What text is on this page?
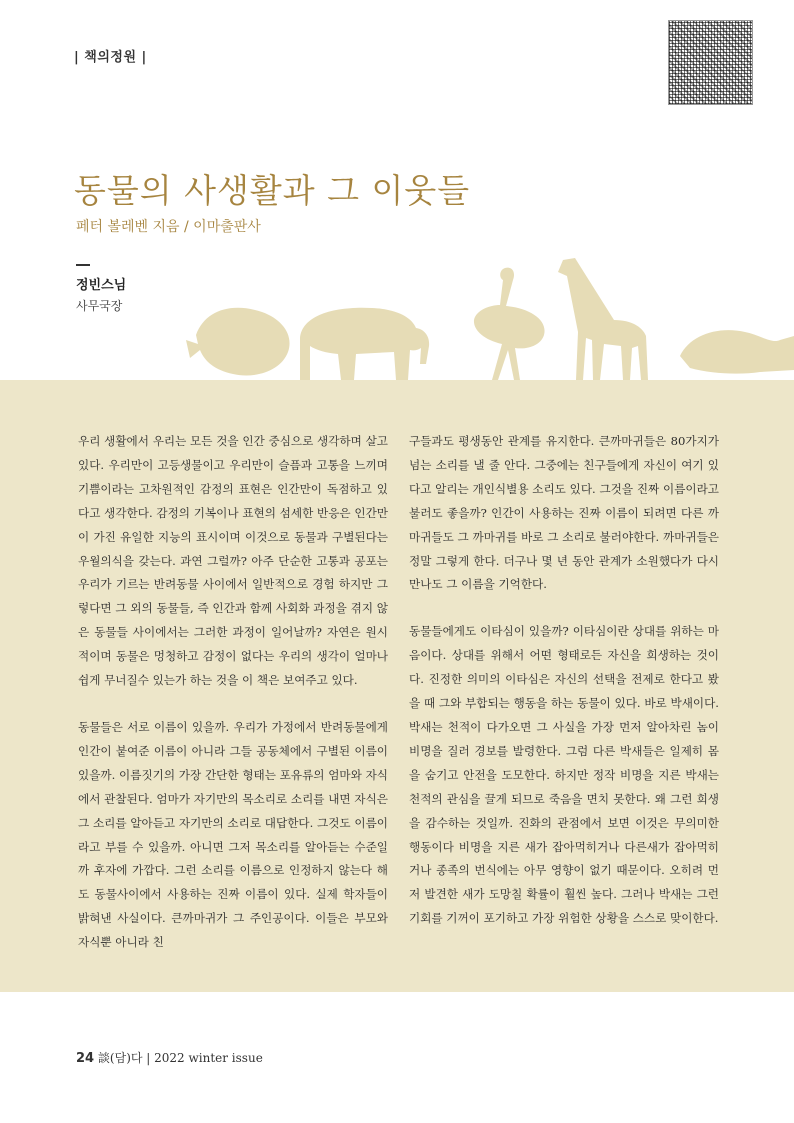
| 책의정원 |
동물의 사생활과 그 이웃들
페터 볼레벤 지음 / 이마출판사
정빈스님
사무국장

우리 생활에서 우리는 모든 것을 인간 중심으로 생각하며 살고 있다. 우리만이 고등생물이고 우리만이 슬픔과 고통을 느끼며 기쁨이라는 고차원적인 감정의 표현은 인간만이 독점하고 있다고 생각한다. 감정의 기복이나 표현의 섬세한 반응은 인간만이 가진 유일한 지능의 표시이며 이것으로 동물과 구별된다는 우월의식을 갖는다. 과연 그럴까? 아주 단순한 고통과 공포는 우리가 기르는 반려동물 사이에서 일반적으로 경험 하지만 그렇다면 그 외의 동물들, 즉 인간과 함께 사회화 과정을 겪지 않은 동물들 사이에서는 그러한 과정이 일어날까? 자연은 원시적이며 동물은 멍청하고 감정이 없다는 우리의 생각이 얼마나 쉽게 무너질수 있는가 하는 것을 이 책은 보여주고 있다.

동물들은 서로 이름이 있을까. 우리가 가정에서 반려동물에게 인간이 붙여준 이름이 아니라 그들 공동체에서 구별된 이름이 있을까. 이름짓기의 가장 간단한 형태는 포유류의 엄마와 자식에서 관찰된다. 엄마가 자기만의 목소리로 소리를 내면 자식은 그 소리를 알아듣고 자기만의 소리로 대답한다. 그것도 이름이라고 부를 수 있을까. 아니면 그저 목소리를 알아듣는 수준일까 후자에 가깝다. 그런 소리를 이름으로 인정하지 않는다 해도 동물사이에서 사용하는 진짜 이름이 있다. 실제 학자들이 밝혀낸 사실이다. 큰까마귀가 그 주인공이다. 이들은 부모와 자식뿐 아니라 친

구들과도 평생동안 관계를 유지한다. 큰까마귀들은 80가지가 넘는 소리를 낼 줄 안다. 그중에는 친구들에게 자신이 여기 있다고 알리는 개인식별용 소리도 있다. 그것을 진짜 이름이라고 불러도 좋을까? 인간이 사용하는 진짜 이름이 되려면 다른 까마귀들도 그 까마귀를 바로 그 소리로 불러야한다. 까마귀들은 정말 그렇게 한다. 더구나 몇 년 동안 관계가 소원했다가 다시 만나도 그 이름을 기억한다.

동물들에게도 이타심이 있을까? 이타심이란 상대를 위하는 마음이다. 상대를 위해서 어떤 형태로든 자신을 희생하는 것이다. 진정한 의미의 이타심은 자신의 선택을 전제로 한다고 봤을 때 그와 부합되는 행동을 하는 동물이 있다. 바로 박새이다.박새는 천적이 다가오면 그 사실을 가장 먼저 알아차린 놈이 비명을 질러 경보를 발령한다. 그럼 다른 박새들은 일제히 몸을 숨기고 안전을 도모한다. 하지만 정작 비명을 지른 박새는 천적의 관심을 끌게 되므로 죽음을 면치 못한다. 왜 그런 희생을 감수하는 것일까. 진화의 관점에서 보면 이것은 무의미한 행동이다 비명을 지른 새가 잡아먹히거나 다른새가 잡아먹히거나 종족의 번식에는 아무 영향이 없기 때문이다. 오히려 먼저 발견한 새가 도망칠 확률이 훨씬 높다. 그러나 박새는 그런 기회를 기꺼이 포기하고 가장 위험한 상황을 스스로 맞이한다.

24 談(담)다 | 2022 winter issue
